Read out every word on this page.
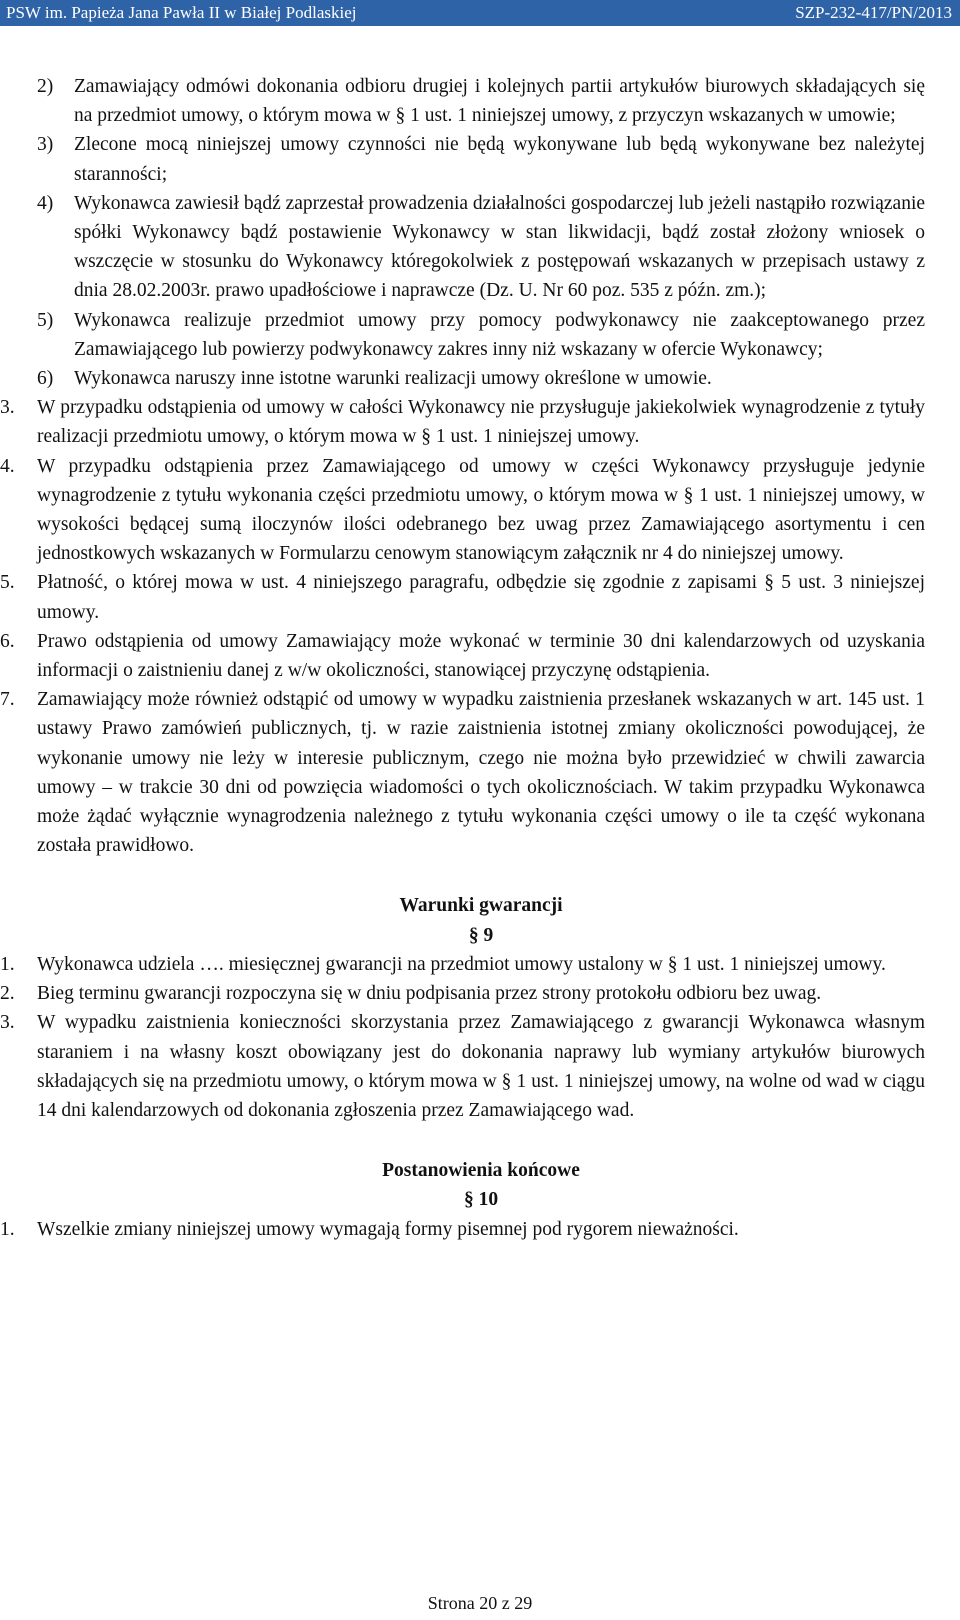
PSW im. Papieża Jana Pawła II w Białej Podlaskiej	SZP-232-417/PN/2013

2) Zamawiający odmówi dokonania odbioru drugiej i kolejnych partii artykułów biurowych składających się na przedmiot umowy, o którym mowa w § 1 ust. 1 niniejszej umowy, z przyczyn wskazanych w umowie;

3) Zlecone mocą niniejszej umowy czynności nie będą wykonywane lub będą wykonywane bez należytej staranności;

4) Wykonawca zawiesił bądź zaprzestał prowadzenia działalności gospodarczej lub jeżeli nastąpiło rozwiązanie spółki Wykonawcy bądź postawienie Wykonawcy w stan likwidacji, bądź został złożony wniosek o wszczęcie w stosunku do Wykonawcy któregokolwiek z postępowań wskazanych w przepisach ustawy z dnia 28.02.2003r. prawo upadłościowe i naprawcze (Dz. U. Nr 60 poz. 535 z późn. zm.);

5) Wykonawca realizuje przedmiot umowy przy pomocy podwykonawcy nie zaakceptowanego przez Zamawiającego lub powierzy podwykonawcy zakres inny niż wskazany w ofercie Wykonawcy;

6) Wykonawca naruszy inne istotne warunki realizacji umowy określone w umowie.

3.	W przypadku odstąpienia od umowy w całości Wykonawcy nie przysługuje jakiekolwiek wynagrodzenie z tytuły realizacji przedmiotu umowy, o którym mowa w § 1 ust. 1 niniejszej umowy.

4.	W przypadku odstąpienia przez Zamawiającego od umowy w części Wykonawcy przysługuje jedynie wynagrodzenie z tytułu wykonania części przedmiotu umowy, o którym mowa w § 1 ust. 1 niniejszej umowy, w wysokości będącej sumą iloczynów ilości odebranego bez uwag przez Zamawiającego asortymentu i cen jednostkowych wskazanych w Formularzu cenowym stanowiącym załącznik nr 4 do niniejszej umowy.

5.	Płatność, o której mowa w ust. 4 niniejszego paragrafu, odbędzie się zgodnie z zapisami § 5 ust. 3 niniejszej umowy.

6.	Prawo odstąpienia od umowy Zamawiający może wykonać w terminie 30 dni kalendarzowych od uzyskania informacji o zaistnieniu danej z w/w okoliczności, stanowiącej przyczynę odstąpienia.

7.	Zamawiający może również odstąpić od umowy w wypadku zaistnienia przesłanek wskazanych w art. 145 ust. 1 ustawy Prawo zamówień publicznych, tj. w razie zaistnienia istotnej zmiany okoliczności powodującej, że wykonanie umowy nie leży w interesie publicznym, czego nie można było przewidzieć w chwili zawarcia umowy – w trakcie 30 dni od powzięcia wiadomości o tych okolicznościach. W takim przypadku Wykonawca może żądać wyłącznie wynagrodzenia należnego z tytułu wykonania części umowy o ile ta część wykonana została prawidłowo.

Warunki gwarancji
§ 9

1.	Wykonawca udziela …. miesięcznej gwarancji na przedmiot umowy ustalony w § 1 ust. 1 niniejszej umowy.

2.	Bieg terminu gwarancji rozpoczyna się w dniu podpisania przez strony protokołu odbioru bez uwag.

3.	W wypadku zaistnienia konieczności skorzystania przez Zamawiającego z gwarancji Wykonawca własnym staraniem i na własny koszt obowiązany jest do dokonania naprawy lub wymiany artykułów biurowych składających się na przedmiotu umowy, o którym mowa w § 1 ust. 1 niniejszej umowy, na wolne od wad w ciągu 14 dni kalendarzowych od dokonania zgłoszenia przez Zamawiającego wad.

Postanowienia końcowe
§ 10

1.	Wszelkie zmiany niniejszej umowy wymagają formy pisemnej pod rygorem nieważności.

Strona 20 z 29
